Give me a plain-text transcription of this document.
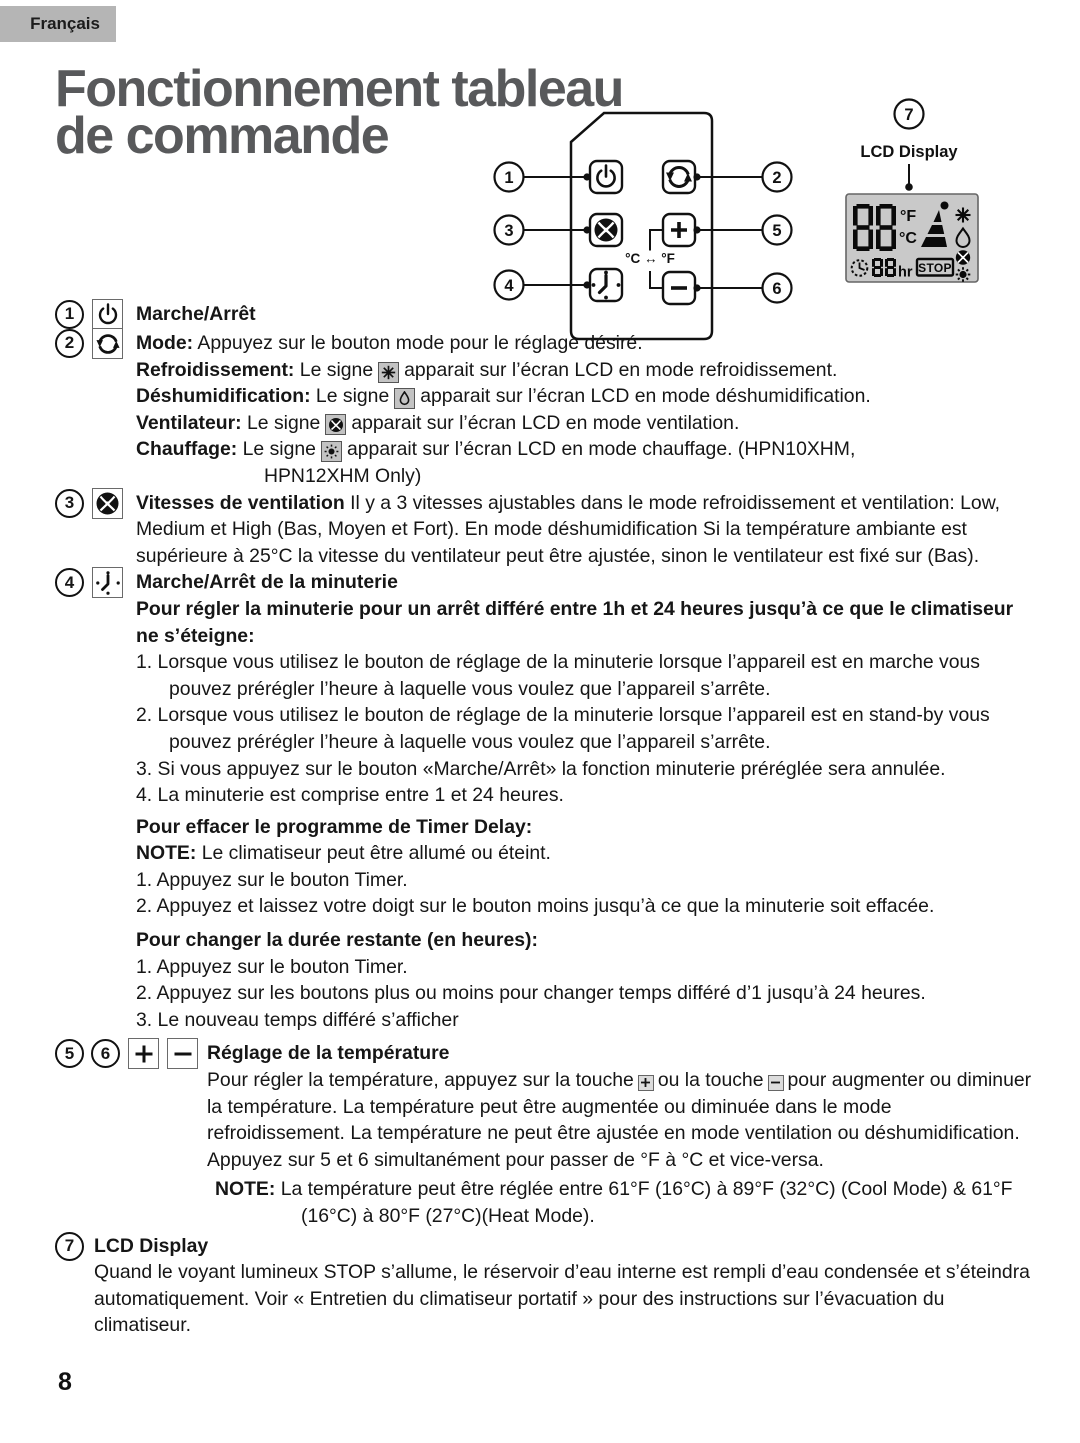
Français
Fonctionnement tableau
de commande
°C ↔ °F
1
3
4
2
5
6
7
LCD Display
°F
°C
hr STOP
1	Marche/Arrêt
2	Mode: Appuyez sur le bouton mode pour le réglage désiré.
Refroidissement: Le signe apparait sur l’écran LCD en mode refroidissement.
Déshumidification: Le signe apparait sur l’écran LCD en mode déshumidification.
Ventilateur: Le signe apparait sur l’écran LCD en mode ventilation.
Chauffage: Le signe apparait sur l’écran LCD en mode chauffage. (HPN10XHM,
HPN12XHM Only)
3	Vitesses de ventilation Il y a 3 vitesses ajustables dans le mode refroidissement et ventilation: Low, Medium et High (Bas, Moyen et Fort). En mode déshumidification Si la température ambiante est supérieure à 25°C la vitesse du ventilateur peut être ajustée, sinon le ventilateur est fixé sur (Bas).
4	Marche/Arrêt de la minuterie
Pour régler la minuterie pour un arrêt différé entre 1h et 24 heures jusqu’à ce que le climatiseur ne s’éteigne:
1. Lorsque vous utilisez le bouton de réglage de la minuterie lorsque l’appareil est en marche vous pouvez prérégler l’heure à laquelle vous voulez que l’appareil s’arrête.
2. Lorsque vous utilisez le bouton de réglage de la minuterie lorsque l’appareil est en stand-by vous pouvez prérégler l’heure à laquelle vous voulez que l’appareil s’arrête.
3. Si vous appuyez sur le bouton «Marche/Arrêt» la fonction minuterie préréglée sera annulée.
4. La minuterie est comprise entre 1 et 24 heures.
Pour effacer le programme de Timer Delay:
NOTE: Le climatiseur peut être allumé ou éteint.
1. Appuyez sur le bouton Timer.
2. Appuyez et laissez votre doigt sur le bouton moins jusqu’à ce que la minuterie soit effacée.
Pour changer la durée restante (en heures):
1. Appuyez sur le bouton Timer.
2. Appuyez sur les boutons plus ou moins pour changer temps différé d’1 jusqu’à 24 heures.
3. Le nouveau temps différé s’afficher
5	6	Réglage de la température
Pour régler la température, appuyez sur la touche ou la touche pour augmenter ou diminuer la température. La température peut être augmentée ou diminuée dans le mode refroidissement. La température ne peut être ajustée en mode ventilation ou déshumidification. Appuyez sur 5 et 6 simultanément pour passer de °F à °C et vice-versa.
NOTE: La température peut être réglée entre 61°F (16°C) à 89°F (32°C) (Cool Mode) & 61°F (16°C) à 80°F (27°C)(Heat Mode).
7	LCD Display
Quand le voyant lumineux STOP s’allume, le réservoir d’eau interne est rempli d’eau condensée et s’éteindra automatiquement. Voir « Entretien du climatiseur portatif » pour des instructions sur l’évacuation du climatiseur.
8
